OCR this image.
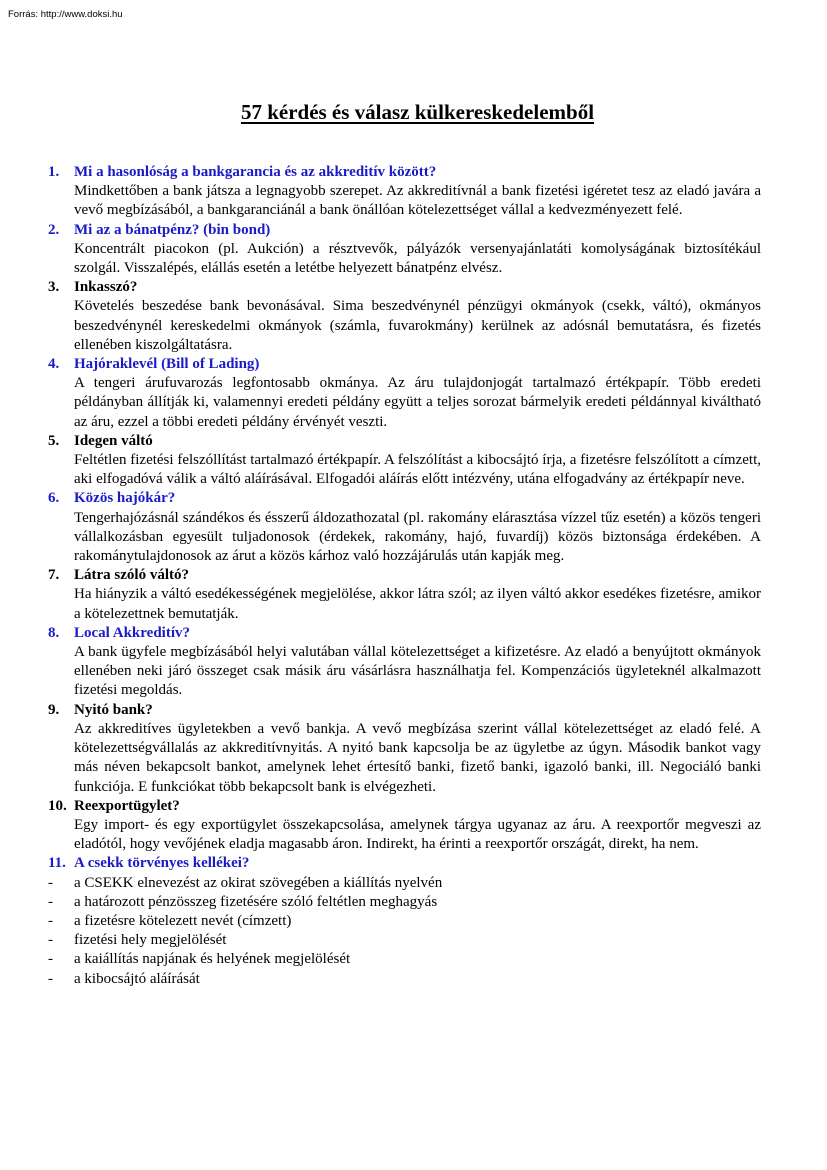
Forrás: http://www.doksi.hu
57 kérdés és válasz külkereskedelemből
1. Mi a hasonlóság a bankgarancia és az akkreditív között?
Mindkettőben a bank játsza a legnagyobb szerepet. Az akkreditívnál a bank fizetési igéretet tesz az eladó javára a vevő megbízásából, a bankgaranciánál a bank önállóan kötelezettséget vállal a kedvezményezett felé.
2. Mi az a bánatpénz? (bin bond)
Koncentrált piacokon (pl. Aukción) a résztvevők, pályázók versenyajánlatáti komolyságának biztosítékául szolgál. Visszalépés, elállás esetén a letétbe helyezett bánatpénz elvész.
3. Inkasszó?
Követelés beszedése bank bevonásával. Sima beszedvénynél pénzügyi okmányok (csekk, váltó), okmányos beszedvénynél kereskedelmi okmányok (számla, fuvarokmány) kerülnek az adósnál bemutatásra, és fizetés ellenében kiszolgáltatásra.
4. Hajóraklevél (Bill of Lading)
A tengeri árufuvarozás legfontosabb okmánya. Az áru tulajdonjogát tartalmazó értékpapír. Több eredeti példányban állítják ki, valamennyi eredeti példány együtt a teljes sorozat bármelyik eredeti példánnyal kiváltható az áru, ezzel a többi eredeti példány érvényét veszti.
5. Idegen váltó
Feltétlen fizetési felszóllítást tartalmazó értékpapír. A felszólítást a kibocsájtó írja, a fizetésre felszólított a címzett, aki elfogadóvá válik a váltó aláírásával. Elfogadói aláírás előtt intézvény, utána elfogadvány az értékpapír neve.
6. Közös hajókár?
Tengerhajózásnál szándékos és ésszerű áldozathozatal (pl. rakomány elárasztása vízzel tűz esetén) a közös tengeri vállalkozásban egyesült tuljadonosok (érdekek, rakomány, hajó, fuvardíj) közös biztonsága érdekében. A rakománytulajdonosok az árut a közös kárhoz való hozzájárulás után kapják meg.
7. Látra szóló váltó?
Ha hiányzik a váltó esedékességének megjelölése, akkor látra szól; az ilyen váltó akkor esedékes fizetésre, amikor a kötelezettnek bemutatják.
8. Local Akkreditív?
A bank ügyfele megbízásából helyi valutában vállal kötelezettséget a kifizetésre. Az eladó a benyújtott okmányok ellenében neki járó összeget csak másik áru vásárlásra használhatja fel. Kompenzációs ügyleteknél alkalmazott fizetési megoldás.
9. Nyitó bank?
Az akkreditíves ügyletekben a vevő bankja. A vevő megbízása szerint vállal kötelezettséget az eladó felé. A kötelezettségvállalás az akkreditívnyitás. A nyitó bank kapcsolja be az ügyletbe az úgyn. Második bankot vagy más néven bekapcsolt bankot, amelynek lehet értesítő banki, fizető banki, igazoló banki, ill. Negociáló banki funkciója. E funkciókat több bekapcsolt bank is elvégezheti.
10. Reexportügylet?
Egy import- és egy exportügylet összekapcsolása, amelynek tárgya ugyanaz az áru. A reexportőr megveszi az eladótól, hogy vevőjének eladja magasabb áron. Indirekt, ha érinti a reexportőr országát, direkt, ha nem.
11. A csekk törvényes kellékei?
-	a CSEKK elnevezést az okirat szövegében a kiállítás nyelvén
-	a határozott pénzösszeg fizetésére szóló feltétlen meghagyás
-	a fizetésre kötelezett nevét (címzett)
-	fizetési hely megjelölését
-	a kaiállítás napjának és helyének megjelölését
-	a kibocsájtó aláírását
